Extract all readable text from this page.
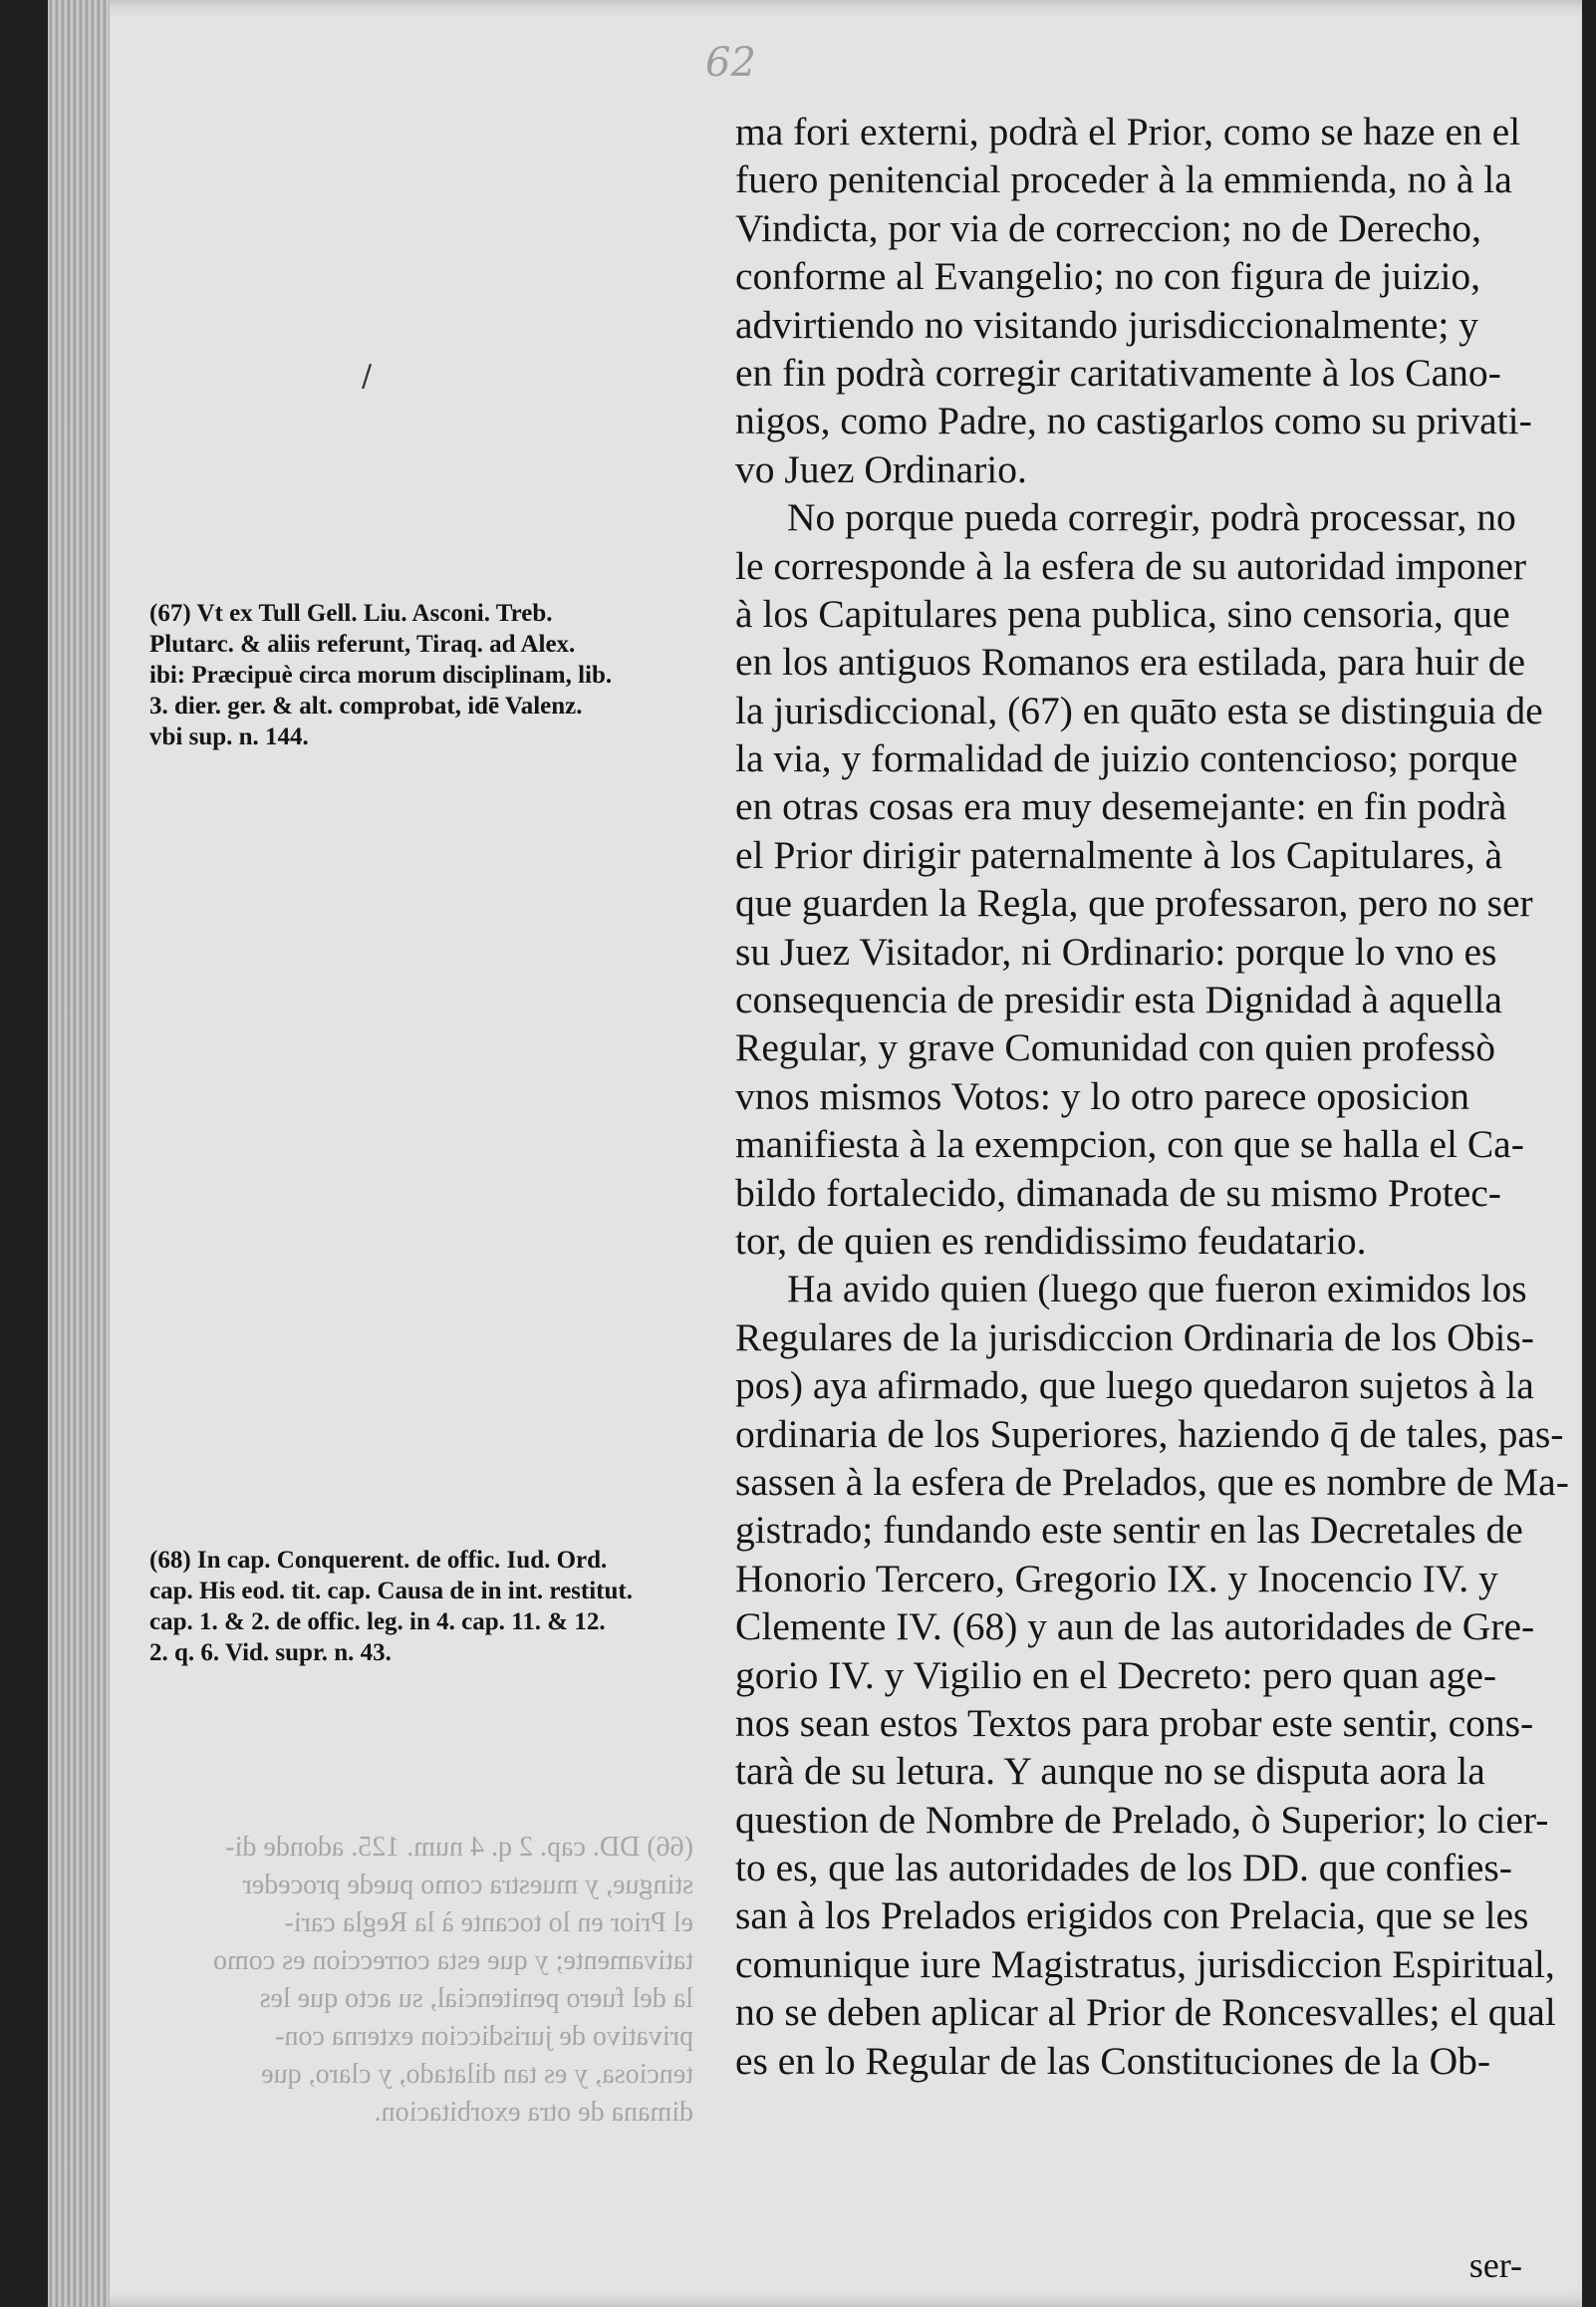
62
/
ma fori externi, podrà el Prior, como se haze en el
fuero penitencial proceder à la emmienda, no à la
Vindicta, por via de correccion; no de Derecho,
conforme al Evangelio; no con figura de juizio,
advirtiendo no visitando jurisdiccionalmente; y
en fin podrà corregir caritativamente à los Cano-
nigos, como Padre, no castigarlos como su privati-
vo Juez Ordinario.
No porque pueda corregir, podrà processar, no
le corresponde à la esfera de su autoridad imponer
à los Capitulares pena publica, sino censoria, que
en los antiguos Romanos era estilada, para huir de
la jurisdiccional, (67) en quāto esta se distinguia de
la via, y formalidad de juizio contencioso; porque
en otras cosas era muy desemejante: en fin podrà
el Prior dirigir paternalmente à los Capitulares, à
que guarden la Regla, que professaron, pero no ser
su Juez Visitador, ni Ordinario: porque lo vno es
consequencia de presidir esta Dignidad à aquella
Regular, y grave Comunidad con quien professò
vnos mismos Votos: y lo otro parece oposicion
manifiesta à la exempcion, con que se halla el Ca-
bildo fortalecido, dimanada de su mismo Protec-
tor, de quien es rendidissimo feudatario.
Ha avido quien (luego que fueron eximidos los
Regulares de la jurisdiccion Ordinaria de los Obis-
pos) aya afirmado, que luego quedaron sujetos à la
ordinaria de los Superiores, haziendo q̄ de tales, pas-
sassen à la esfera de Prelados, que es nombre de Ma-
gistrado; fundando este sentir en las Decretales de
Honorio Tercero, Gregorio IX. y Inocencio IV. y
Clemente IV. (68) y aun de las autoridades de Gre-
gorio IV. y Vigilio en el Decreto: pero quan age-
nos sean estos Textos para probar este sentir, cons-
tarà de su letura. Y aunque no se disputa aora la
question de Nombre de Prelado, ò Superior; lo cier-
to es, que las autoridades de los DD. que confies-
san à los Prelados erigidos con Prelacia, que se les
comunique iure Magistratus, jurisdiccion Espiritual,
no se deben aplicar al Prior de Roncesvalles; el qual
es en lo Regular de las Constituciones de la Ob-
(67) Vt ex Tull Gell. Liu. Asconi. Treb.
Plutarc. & aliis referunt, Tiraq. ad Alex.
ibi: Præcipuè circa morum disciplinam, lib.
3. dier. ger. & alt. comprobat, idē Valenz.
vbi sup. n. 144.
(68) In cap. Conquerent. de offic. Iud. Ord.
cap. His eod. tit. cap. Causa de in int. restitut.
cap. 1. & 2. de offic. leg. in 4. cap. 11. & 12.
2. q. 6. Vid. supr. n. 43.
(66) DD. cap. 2 q. 4 num. 125. adonde di-
stingue, y muestra como puede proceder
el Prior en lo tocante à la Regla cari-
tativamente; y que esta correccion es como
la del fuero penitencial, su acto que les
privativo de jurisdiccion externa con-
tenciosa, y es tan dilatado, y claro, que
dimana de otra exorbitacion.
ser-
